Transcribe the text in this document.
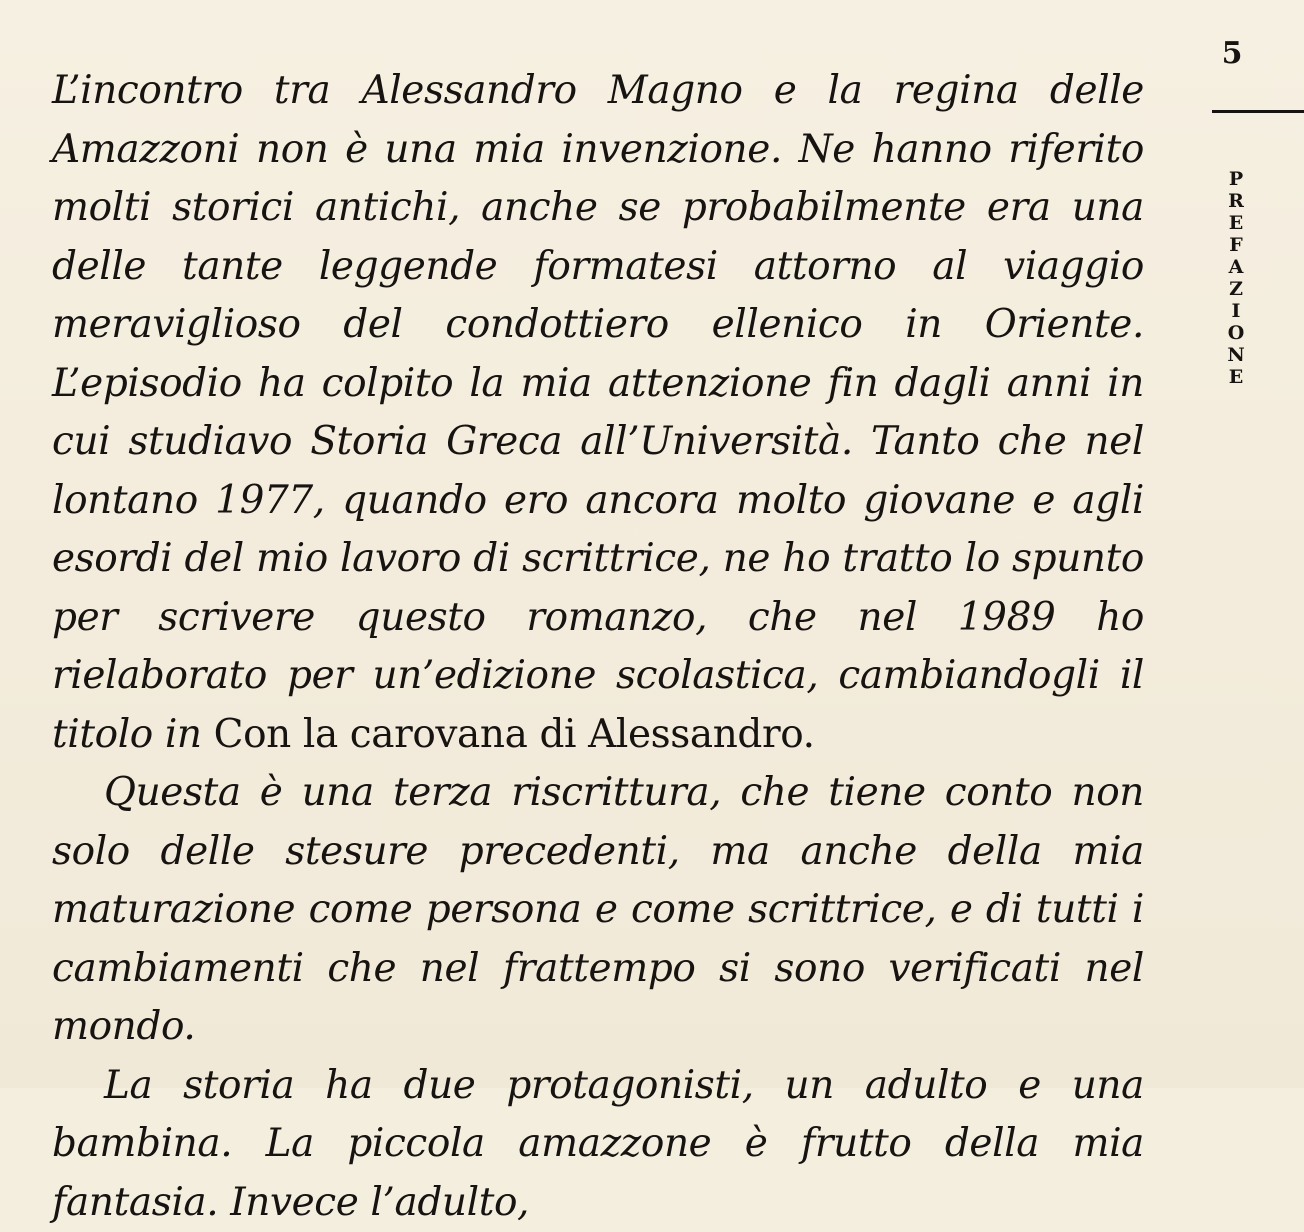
5
PREFAZIONE

L’incontro tra Alessandro Magno e la regina delle Amazzoni non è una mia invenzione. Ne hanno riferito molti storici antichi, anche se probabilmente era una delle tante leggende formatesi attorno al viaggio meraviglioso del condottiero ellenico in Oriente. L’episodio ha colpito la mia attenzione fin dagli anni in cui studiavo Storia Greca all’Università. Tanto che nel lontano 1977, quando ero ancora molto giovane e agli esordi del mio lavoro di scrittrice, ne ho tratto lo spunto per scrivere questo romanzo, che nel 1989 ho rielaborato per un’edizione scolastica, cambiandogli il titolo in Con la carovana di Alessandro.

Questa è una terza riscrittura, che tiene conto non solo delle stesure precedenti, ma anche della mia maturazione come persona e come scrittrice, e di tutti i cambiamenti che nel frattempo si sono verificati nel mondo.

La storia ha due protagonisti, un adulto e una bambina. La piccola amazzone è frutto della mia fantasia. Invece l’adulto,
